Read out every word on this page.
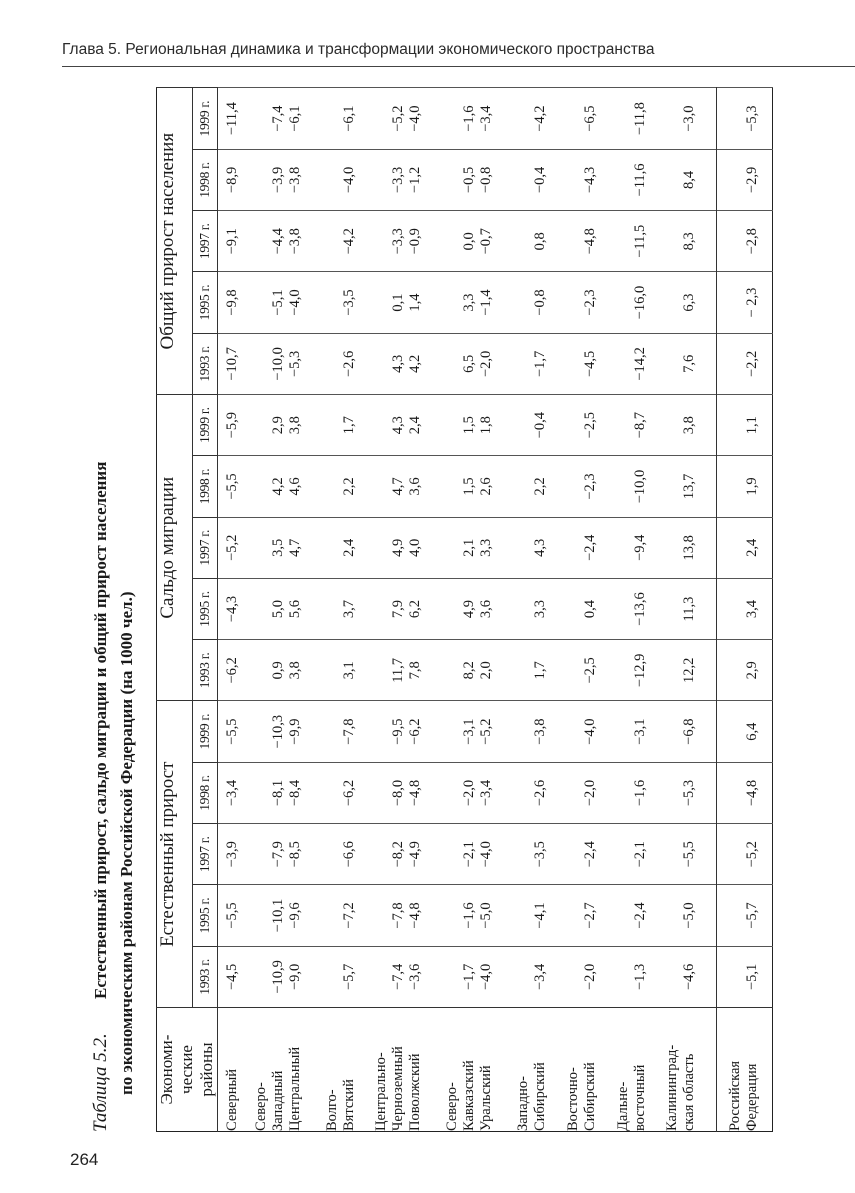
Глава 5. Региональная динамика и трансформации экономического пространства
Таблица 5.2. Естественный прирост, сальдо миграции и общий прирост населения по экономическим районам Российской Федерации (на 1000 чел.) Экономи- ческие районы	Естественный прирост					Сальдо миграции					Общий прирост населения				
	1993 г.	1995 г.	1997 г.	1998 г.	1999 г.	1993 г.	1995 г.	1997 г.	1998 г.	1999 г.	1993 г.	1995 г.	1997 г.	1998 г.	1999 г.

Северный	−4,5	−5,5	−3,9	−3,4	−5,5	−6,2	−4,3	−5,2	−5,5	−5,9	−10,7	−9,8	−9,1	−8,9	−11,4

Северо- Западный Центральный	−10,9 −9,0	−10,1 −9,6	−7,9 −8,5	−8,1 −8,4	−10,3 −9,9	0,9 3,8	5,0 5,6	3,5 4,7	4,2 4,6	2,9 3,8	−10,0 −5,3	−5,1 −4,0	−4,4 −3,8	−3,9 −3,8	−7,4 −6,1

Волго- Вятский	−5,7	−7,2	−6,6	−6,2	−7,8	3,1	3,7	2,4	2,2	1,7	−2,6	−3,5	−4,2	−4,0	−6,1

Центрально- Черноземный Поволжский	−7,4 −3,6	−7,8 −4,8	−8,2 −4,9	−8,0 −4,8	−9,5 −6,2	11,7 7,8	7,9 6,2	4,9 4,0	4,7 3,6	4,3 2,4	4,3 4,2	0,1 1,4	−3,3 −0,9	−3,3 −1,2	−5,2 −4,0

Северо- Кавказский Уральский	−1,7 −4,0	−1,6 −5,0	−2,1 −4,0	−2,0 −3,4	−3,1 −5,2	8,2 2,0	4,9 3,6	2,1 3,3	1,5 2,6	1,5 1,8	6,5 −2,0	3,3 −1,4	0,0 −0,7	−0,5 −0,8	−1,6 −3,4

Западно- Сибирский	−3,4	−4,1	−3,5	−2,6	−3,8	1,7	3,3	4,3	2,2	−0,4	−1,7	−0,8	0,8	−0,4	−4,2

Восточно- Сибирский	−2,0	−2,7	−2,4	−2,0	−4,0	−2,5	0,4	−2,4	−2,3	−2,5	−4,5	−2,3	−4,8	−4,3	−6,5

Дальне- восточный	−1,3	−2,4	−2,1	−1,6	−3,1	−12,9	−13,6	−9,4	−10,0	−8,7	−14,2	−16,0	−11,5	−11,6	−11,8

Калининград- ская область	−4,6	−5,0	−5,5	−5,3	−6,8	12,2	11,3	13,8	13,7	3,8	7,6	6,3	8,3	8,4	−3,0

Российская Федерация	−5,1	−5,7	−5,2	−4,8	6,4	2,9	3,4	2,4	1,9	1,1	−2,2	− 2,3	−2,8	−2,9	−5,3
264
